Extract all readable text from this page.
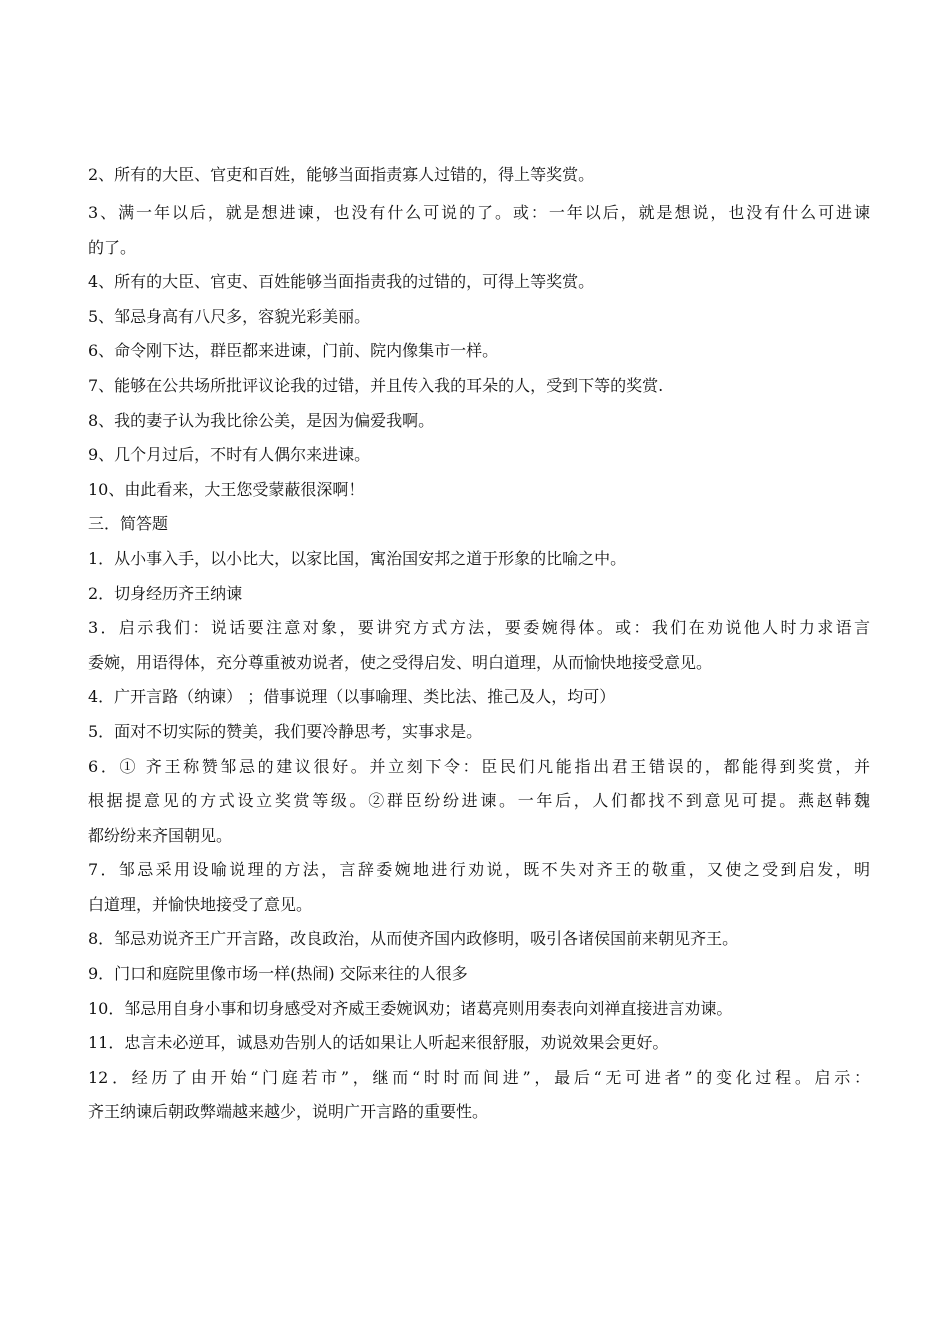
2、所有的大臣、官吏和百姓，能够当面指责寡人过错的，得上等奖赏。
3、满一年以后，就是想进谏，也没有什么可说的了。或：一年以后，就是想说，也没有什么可进谏
的了。
4、所有的大臣、官吏、百姓能够当面指责我的过错的，可得上等奖赏。
5、邹忌身高有八尺多，容貌光彩美丽。
6、命令刚下达，群臣都来进谏，门前、院内像集市一样。
7、能够在公共场所批评议论我的过错，并且传入我的耳朵的人，受到下等的奖赏.
8、我的妻子认为我比徐公美，是因为偏爱我啊。
9、几个月过后，不时有人偶尔来进谏。
10、由此看来，大王您受蒙蔽很深啊！
三．简答题
1．从小事入手，以小比大，以家比国，寓治国安邦之道于形象的比喻之中。
2．切身经历齐王纳谏
3．启示我们：说话要注意对象，要讲究方式方法，要委婉得体。或：我们在劝说他人时力求语言
委婉，用语得体，充分尊重被劝说者，使之受得启发、明白道理，从而愉快地接受意见。
4．广开言路（纳谏） ；借事说理（以事喻理、类比法、推己及人，均可）
5．面对不切实际的赞美，我们要冷静思考，实事求是。
6．① 齐王称赞邹忌的建议很好。并立刻下令：臣民们凡能指出君王错误的，都能得到奖赏，并
根据提意见的方式设立奖赏等级。②群臣纷纷进谏。一年后，人们都找不到意见可提。燕赵韩魏
都纷纷来齐国朝见。
7．邹忌采用设喻说理的方法，言辞委婉地进行劝说，既不失对齐王的敬重，又使之受到启发，明
白道理，并愉快地接受了意见。
8．邹忌劝说齐王广开言路，改良政治，从而使齐国内政修明，吸引各诸侯国前来朝见齐王。
9．门口和庭院里像市场一样(热闹) 交际来往的人很多
10．邹忌用自身小事和切身感受对齐威王委婉讽劝；诸葛亮则用奏表向刘禅直接进言劝谏。
11．忠言未必逆耳，诚恳劝告别人的话如果让人听起来很舒服，劝说效果会更好。
12．经历了由开始“门庭若市”，继而“时时而间进”，最后“无可进者”的变化过程。启示：
齐王纳谏后朝政弊端越来越少，说明广开言路的重要性。
